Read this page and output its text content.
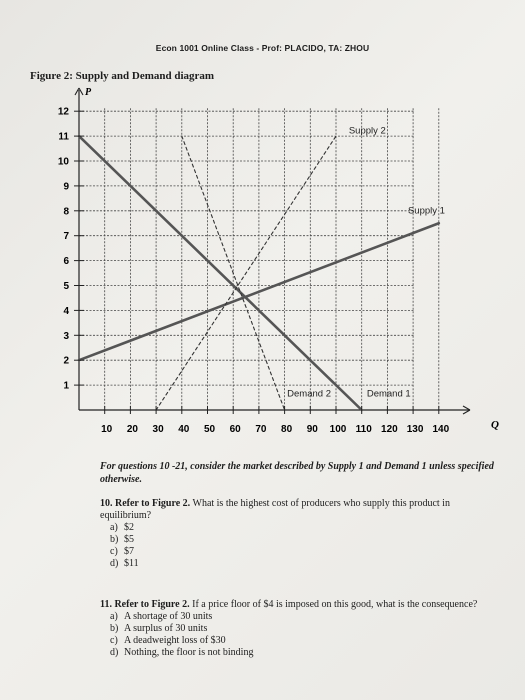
Econ 1001 Online Class - Prof: PLACIDO, TA: ZHOU
Figure 2: Supply and Demand diagram
P
Q
1
2
3
4
5
6
7
8
9
10
11
12
10 20 30 40 50 60 70 80 90 100 110 120 130 140
Supply 2
Supply 1
Demand 2	Demand 1
For questions 10 -21, consider the market described by Supply 1 and Demand 1 unless specified otherwise.
10. Refer to Figure 2. What is the highest cost of producers who supply this product in equilibrium?
a) $2
b) $5
c) $7
d) $11
11. Refer to Figure 2. If a price floor of $4 is imposed on this good, what is the consequence?
a) A shortage of 30 units
b) A surplus of 30 units
c) A deadweight loss of $30
d) Nothing, the floor is not binding
